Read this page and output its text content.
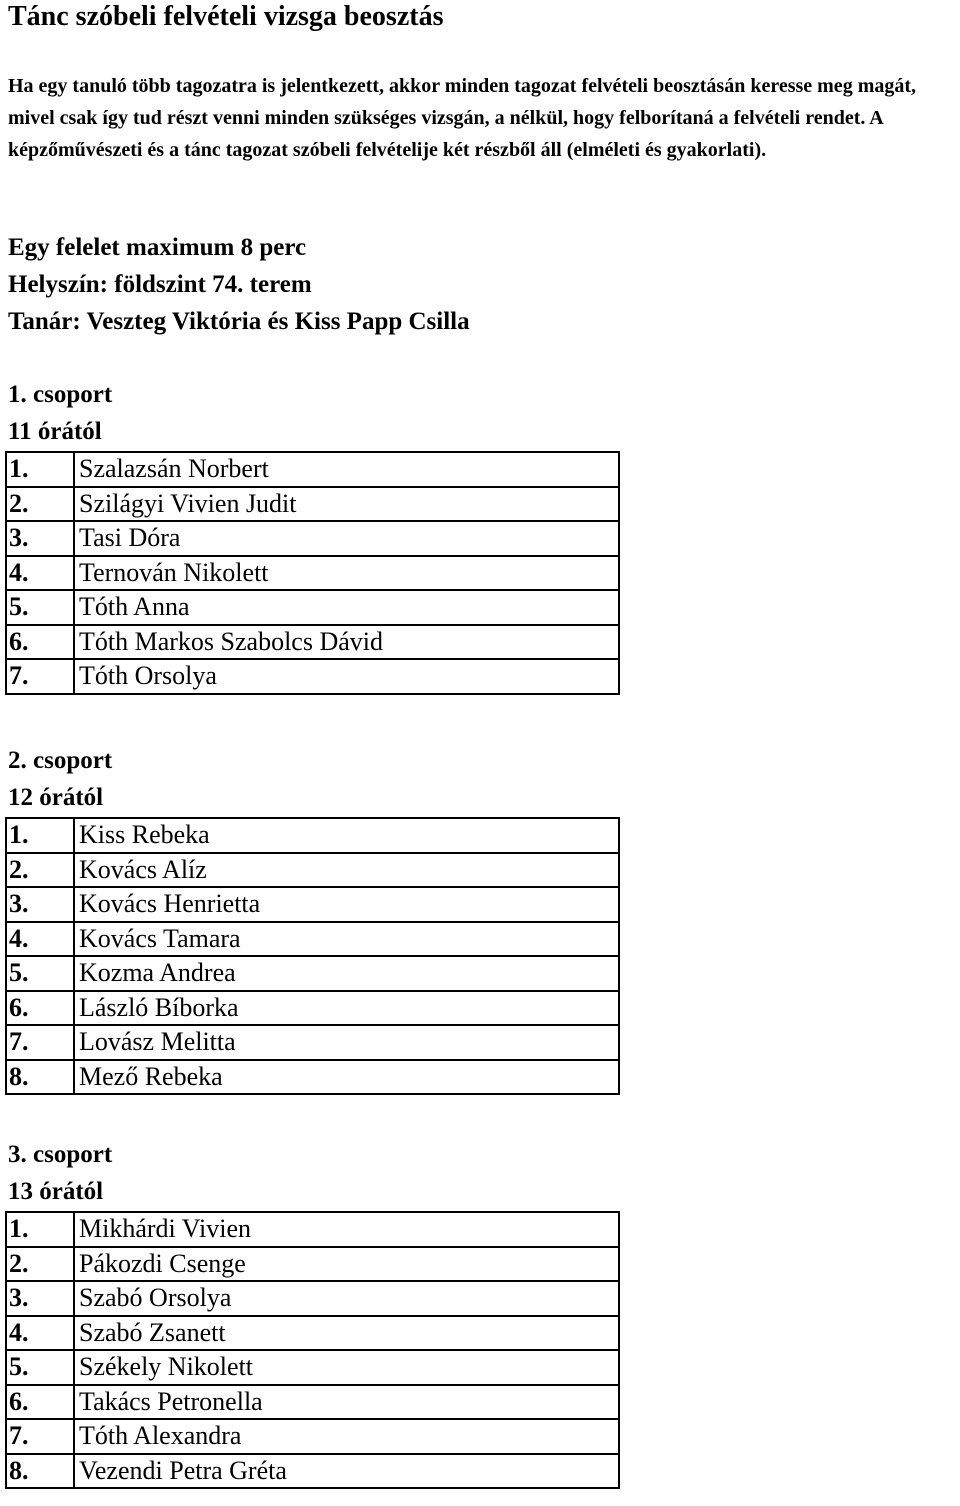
Tánc szóbeli felvételi vizsga beosztás

Ha egy tanuló több tagozatra is jelentkezett, akkor minden tagozat felvételi beosztásán keresse meg magát, mivel csak így tud részt venni minden szükséges vizsgán, a nélkül, hogy felborítaná a felvételi rendet. A képzőművészeti és a tánc tagozat szóbeli felvételije két részből áll (elméleti és gyakorlati).

Egy felelet maximum 8 perc

Helyszín: földszint 74. terem

Tanár: Veszteg Viktória és Kiss Papp Csilla

1. csoport
11 órától
1.	Szalazsán Norbert
2.	Szilágyi Vivien Judit
3.	Tasi Dóra
4.	Ternován Nikolett
5.	Tóth Anna
6.	Tóth Markos Szabolcs Dávid
7.	Tóth Orsolya
2. csoport
12 órától
1.	Kiss Rebeka
2.	Kovács Alíz
3.	Kovács Henrietta
4.	Kovács Tamara
5.	Kozma Andrea
6.	László Bíborka
7.	Lovász Melitta
8.	Mező Rebeka
3. csoport
13 órától
1.	Mikhárdi Vivien
2.	Pákozdi Csenge
3.	Szabó Orsolya
4.	Szabó Zsanett
5.	Székely Nikolett
6.	Takács Petronella
7.	Tóth Alexandra
8.	Vezendi Petra Gréta
